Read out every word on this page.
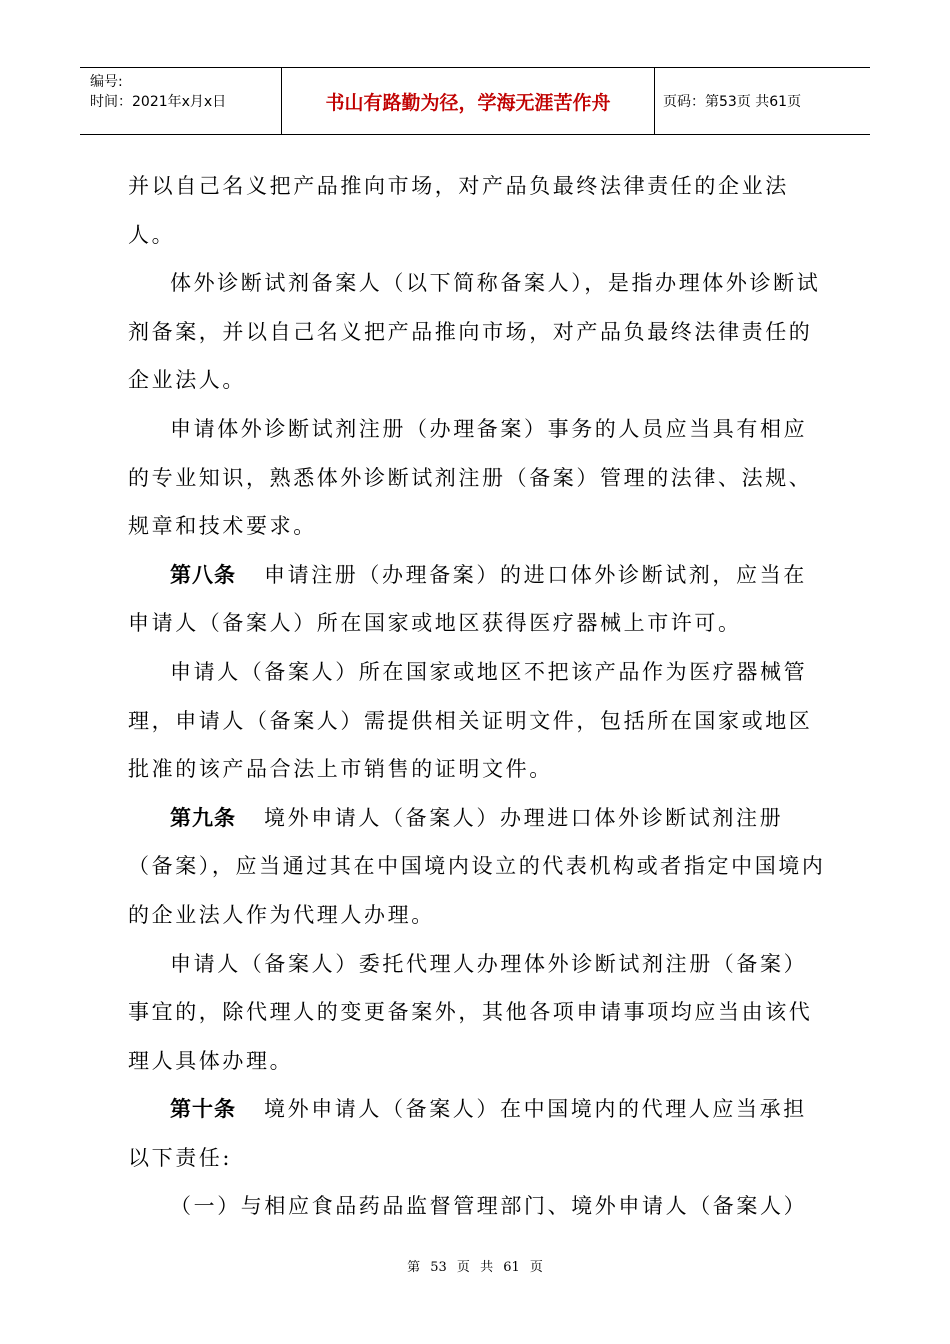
编号:
时间：2021年x月x日	书山有路勤为径，学海无涯苦作舟	页码：第53页 共61页

并以自己名义把产品推向市场，对产品负最终法律责任的企业法人。

体外诊断试剂备案人（以下简称备案人），是指办理体外诊断试剂备案，并以自己名义把产品推向市场，对产品负最终法律责任的企业法人。

申请体外诊断试剂注册（办理备案）事务的人员应当具有相应的专业知识，熟悉体外诊断试剂注册（备案）管理的法律、法规、规章和技术要求。

第八条 申请注册（办理备案）的进口体外诊断试剂，应当在申请人（备案人）所在国家或地区获得医疗器械上市许可。

申请人（备案人）所在国家或地区不把该产品作为医疗器械管理，申请人（备案人）需提供相关证明文件，包括所在国家或地区批准的该产品合法上市销售的证明文件。

第九条 境外申请人（备案人）办理进口体外诊断试剂注册（备案），应当通过其在中国境内设立的代表机构或者指定中国境内的企业法人作为代理人办理。

申请人（备案人）委托代理人办理体外诊断试剂注册（备案）事宜的，除代理人的变更备案外，其他各项申请事项均应当由该代理人具体办理。

第十条 境外申请人（备案人）在中国境内的代理人应当承担以下责任:

（一）与相应食品药品监督管理部门、境外申请人（备案人）

第 53 页 共 61 页
